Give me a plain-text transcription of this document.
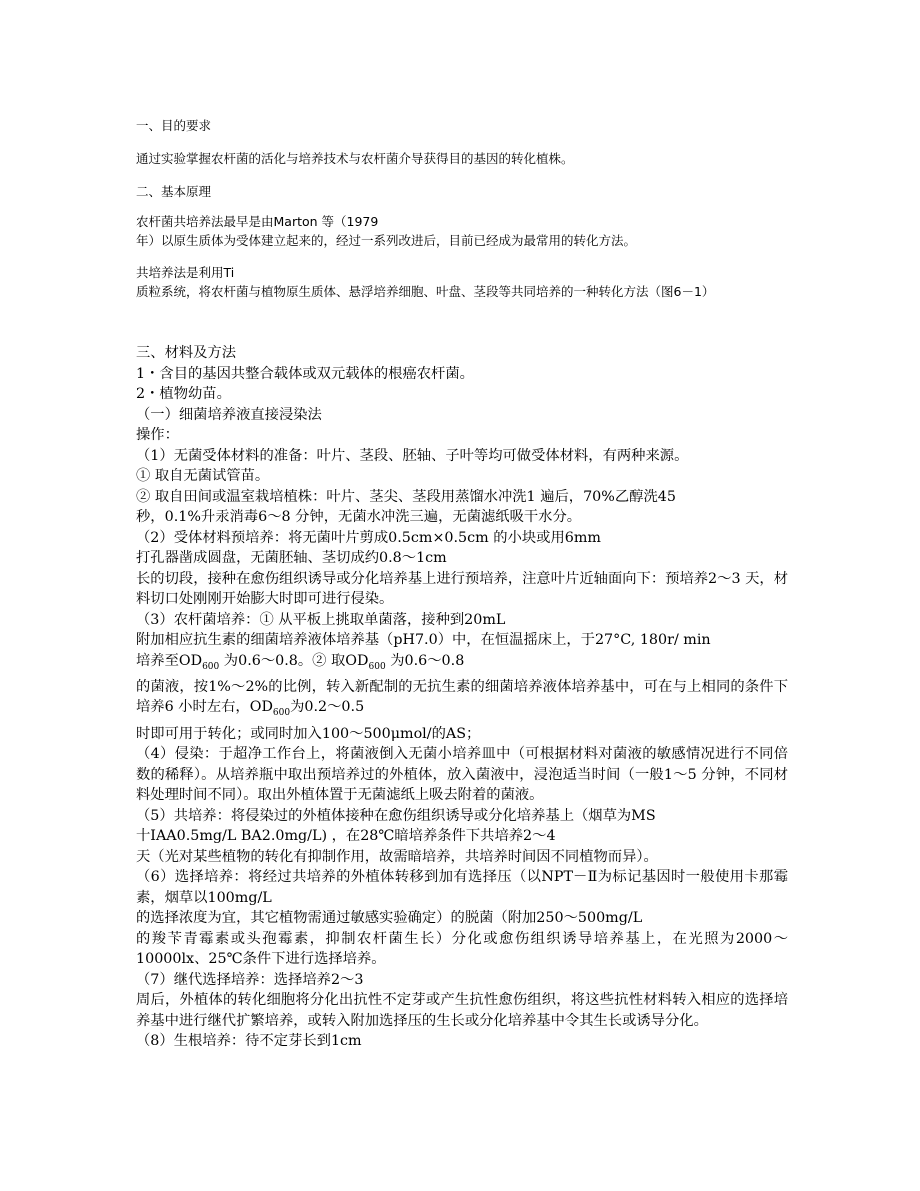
一、目的要求
通过实验掌握农杆菌的活化与培养技术与农杆菌介导获得目的基因的转化植株。
二、基本原理
农杆菌共培养法最早是由Marton 等（1979
年）以原生质体为受体建立起来的，经过一系列改进后，目前已经成为最常用的转化方法。
共培养法是利用Ti
质粒系统，将农杆菌与植物原生质体、悬浮培养细胞、叶盘、茎段等共同培养的一种转化方法（图6－1）

三、材料及方法

1・含目的基因共整合载体或双元载体的根癌农杆菌。

2・植物幼苗。

（一）细菌培养液直接浸染法

操作：

（1）无菌受体材料的准备：叶片、茎段、胚轴、子叶等均可做受体材料，有两种来源。

① 取自无菌试管苗。

② 取自田间或温室栽培植株：叶片、茎尖、茎段用蒸馏水冲洗1 遍后，70%乙醇洗45

秒，0.1%升汞消毒6～8 分钟，无菌水冲洗三遍，无菌滤纸吸干水分。

（2）受体材料预培养：将无菌叶片剪成0.5cm×0.5cm 的小块或用6mm

打孔器凿成圆盘，无菌胚轴、茎切成约0.8～1cm

长的切段，接种在愈伤组织诱导或分化培养基上进行预培养，注意叶片近轴面向下：预培养2～3 天，材料切口处刚刚开始膨大时即可进行侵染。

（3）农杆菌培养：① 从平板上挑取单菌落，接种到20mL

附加相应抗生素的细菌培养液体培养基（pH7.0）中，在恒温摇床上，于27°C, 180r/ min

培养至$OD_{600}$ 为0.6～0.8。② 取$OD_{600}$ 为0.6～0.8

的菌液，按1%～2%的比例，转入新配制的无抗生素的细菌培养液体培养基中，可在与上相同的条件下培养6 小时左右，$OD_{600}$为0.2～0.5

时即可用于转化；或同时加入100～500μmol/的AS；

（4）侵染：于超净工作台上，将菌液倒入无菌小培养皿中（可根据材料对菌液的敏感情况进行不同倍数的稀释）。从培养瓶中取出预培养过的外植体，放入菌液中，浸泡适当时间（一般1～5 分钟，不同材料处理时间不同）。取出外植体置于无菌滤纸上吸去附着的菌液。

（5）共培养：将侵染过的外植体接种在愈伤组织诱导或分化培养基上（烟草为MS

十IAA0.5mg/L BA2.0mg/L) ，在28℃暗培养条件下共培养2～4

天（光对某些植物的转化有抑制作用，故需暗培养，共培养时间因不同植物而异）。

（6）选择培养：将经过共培养的外植体转移到加有选择压（以NPT－Ⅱ为标记基因时一般使用卡那霉素，烟草以100mg/L

的选择浓度为宜，其它植物需通过敏感实验确定）的脱菌（附加250～500mg/L

的羧苄青霉素或头孢霉素，抑制农杆菌生长）分化或愈伤组织诱导培养基上，在光照为2000～10000lx、25℃条件下进行选择培养。

（7）继代选择培养：选择培养2～3

周后，外植体的转化细胞将分化出抗性不定芽或产生抗性愈伤组织，将这些抗性材料转入相应的选择培养基中进行继代扩繁培养，或转入附加选择压的生长或分化培养基中令其生长或诱导分化。

（8）生根培养：待不定芽长到1cm
